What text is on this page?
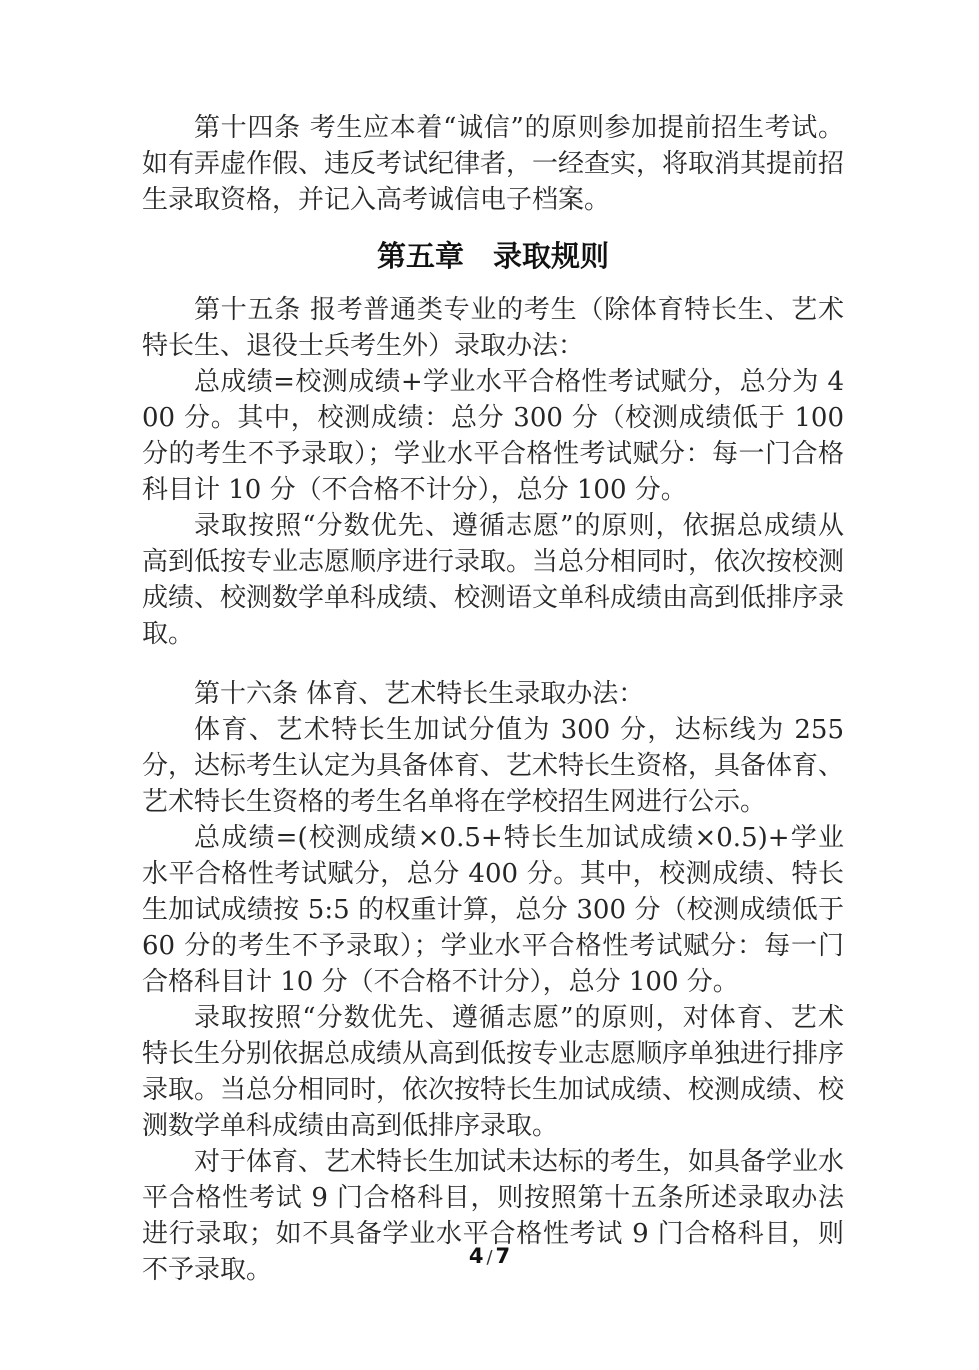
第十四条 考生应本着“诚信”的原则参加提前招生考试。如有弄虚作假、违反考试纪律者，一经查实，将取消其提前招生录取资格，并记入高考诚信电子档案。

第五章　录取规则

第十五条 报考普通类专业的考生（除体育特长生、艺术特长生、退役士兵考生外）录取办法：

总成绩=校测成绩+学业水平合格性考试赋分，总分为 400 分。其中，校测成绩：总分 300 分（校测成绩低于 100 分的考生不予录取）；学业水平合格性考试赋分：每一门合格科目计 10 分（不合格不计分），总分 100 分。

录取按照“分数优先、遵循志愿”的原则，依据总成绩从高到低按专业志愿顺序进行录取。当总分相同时，依次按校测成绩、校测数学单科成绩、校测语文单科成绩由高到低排序录取。

第十六条 体育、艺术特长生录取办法：

体育、艺术特长生加试分值为 300 分，达标线为 255 分，达标考生认定为具备体育、艺术特长生资格，具备体育、艺术特长生资格的考生名单将在学校招生网进行公示。

总成绩=(校测成绩×0.5+特长生加试成绩×0.5)+学业水平合格性考试赋分，总分 400 分。其中，校测成绩、特长生加试成绩按 5:5 的权重计算，总分 300 分（校测成绩低于 60 分的考生不予录取）；学业水平合格性考试赋分：每一门合格科目计 10 分（不合格不计分），总分 100 分。

录取按照“分数优先、遵循志愿”的原则，对体育、艺术特长生分别依据总成绩从高到低按专业志愿顺序单独进行排序录取。当总分相同时，依次按特长生加试成绩、校测成绩、校测数学单科成绩由高到低排序录取。

对于体育、艺术特长生加试未达标的考生，如具备学业水平合格性考试 9 门合格科目，则按照第十五条所述录取办法进行录取；如不具备学业水平合格性考试 9 门合格科目，则不予录取。	4 / 7
